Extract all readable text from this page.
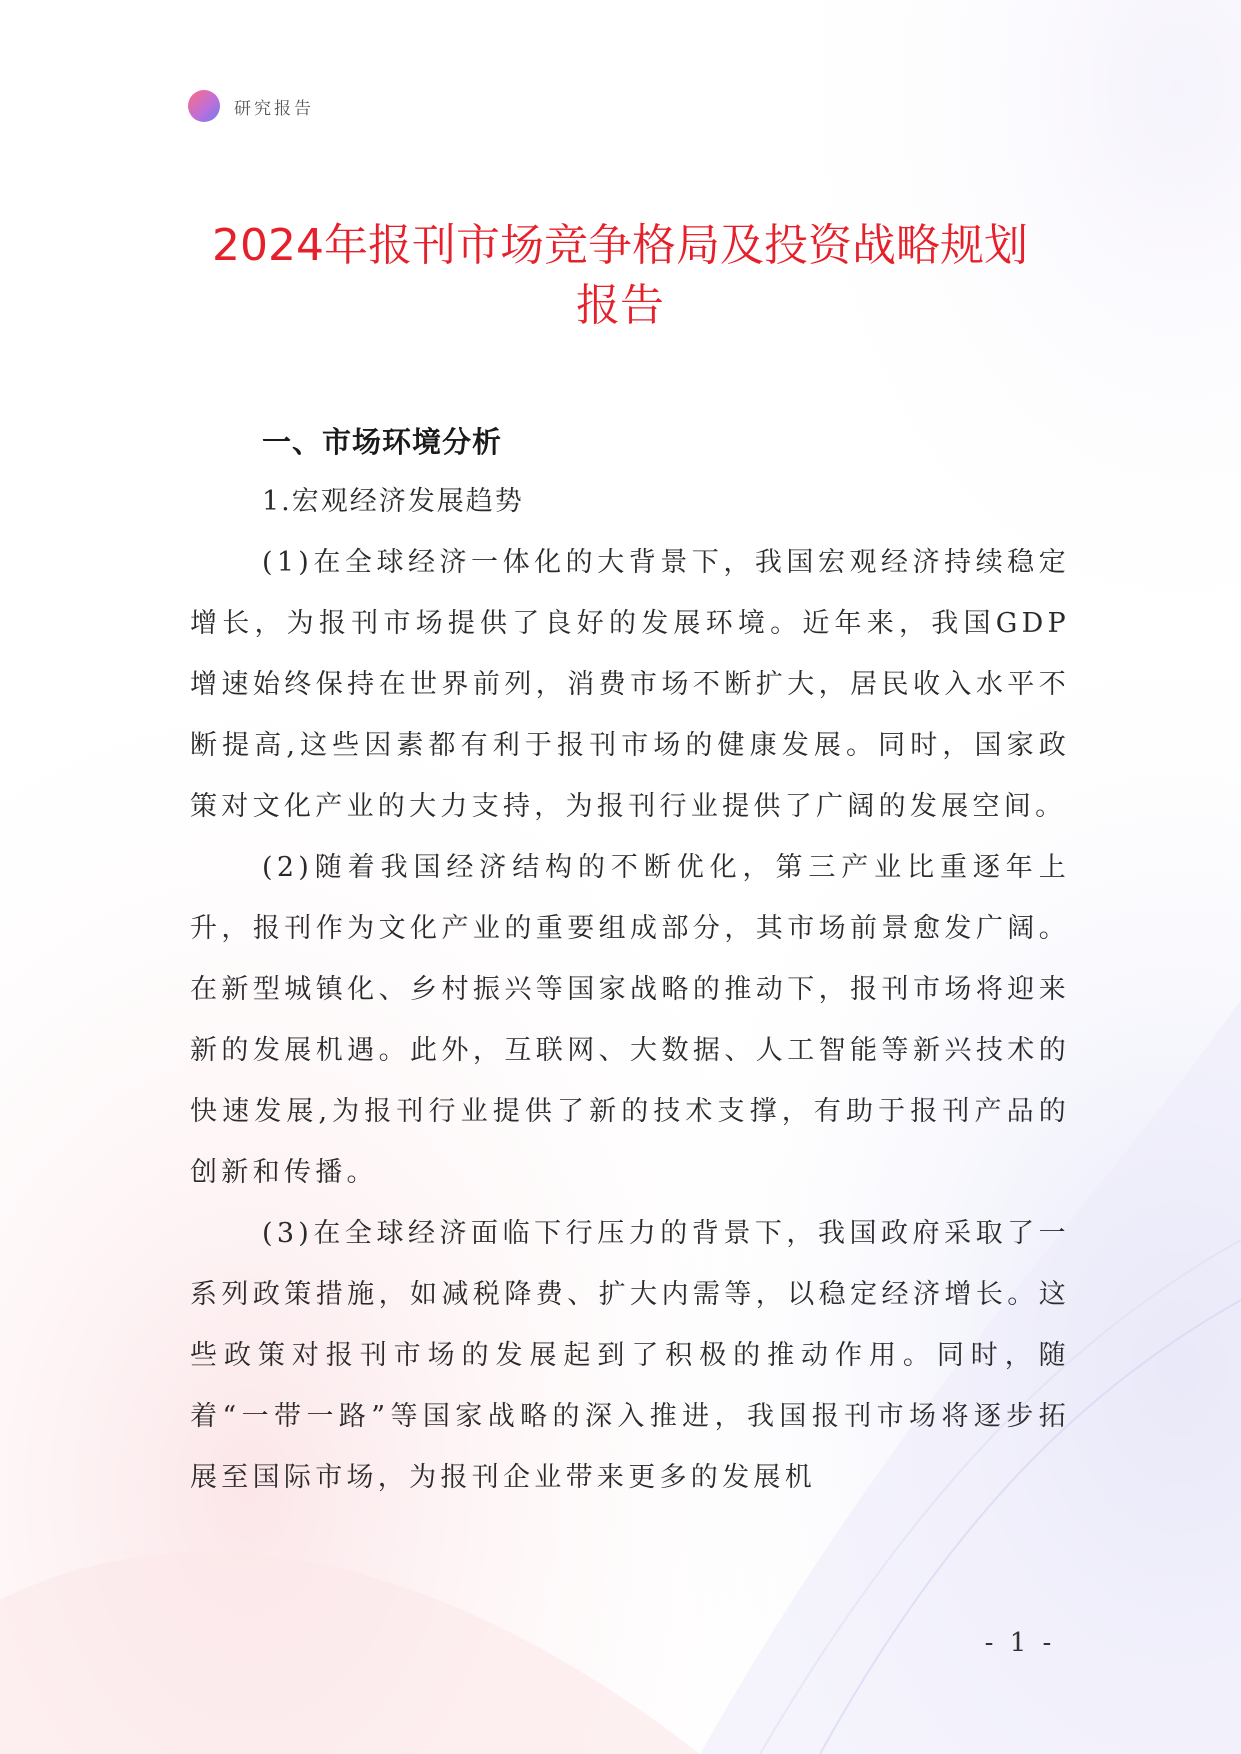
研究报告
2024年报刊市场竞争格局及投资战略规划
报告
一、市场环境分析
1.宏观经济发展趋势

(1)在全球经济一体化的大背景下，我国宏观经济持续稳定增长，为报刊市场提供了良好的发展环境。近年来，我国GDP增速始终保持在世界前列，消费市场不断扩大，居民收入水平不断提高,这些因素都有利于报刊市场的健康发展。同时，国家政策对文化产业的大力支持，为报刊行业提供了广阔的发展空间。

(2)随着我国经济结构的不断优化，第三产业比重逐年上升，报刊作为文化产业的重要组成部分，其市场前景愈发广阔。在新型城镇化、乡村振兴等国家战略的推动下，报刊市场将迎来新的发展机遇。此外，互联网、大数据、人工智能等新兴技术的快速发展,为报刊行业提供了新的技术支撑，有助于报刊产品的创新和传播。

(3)在全球经济面临下行压力的背景下，我国政府采取了一系列政策措施，如减税降费、扩大内需等，以稳定经济增长。这些政策对报刊市场的发展起到了积极的推动作用。同时，随着“一带一路”等国家战略的深入推进，我国报刊市场将逐步拓展至国际市场，为报刊企业带来更多的发展机

- 1 -
